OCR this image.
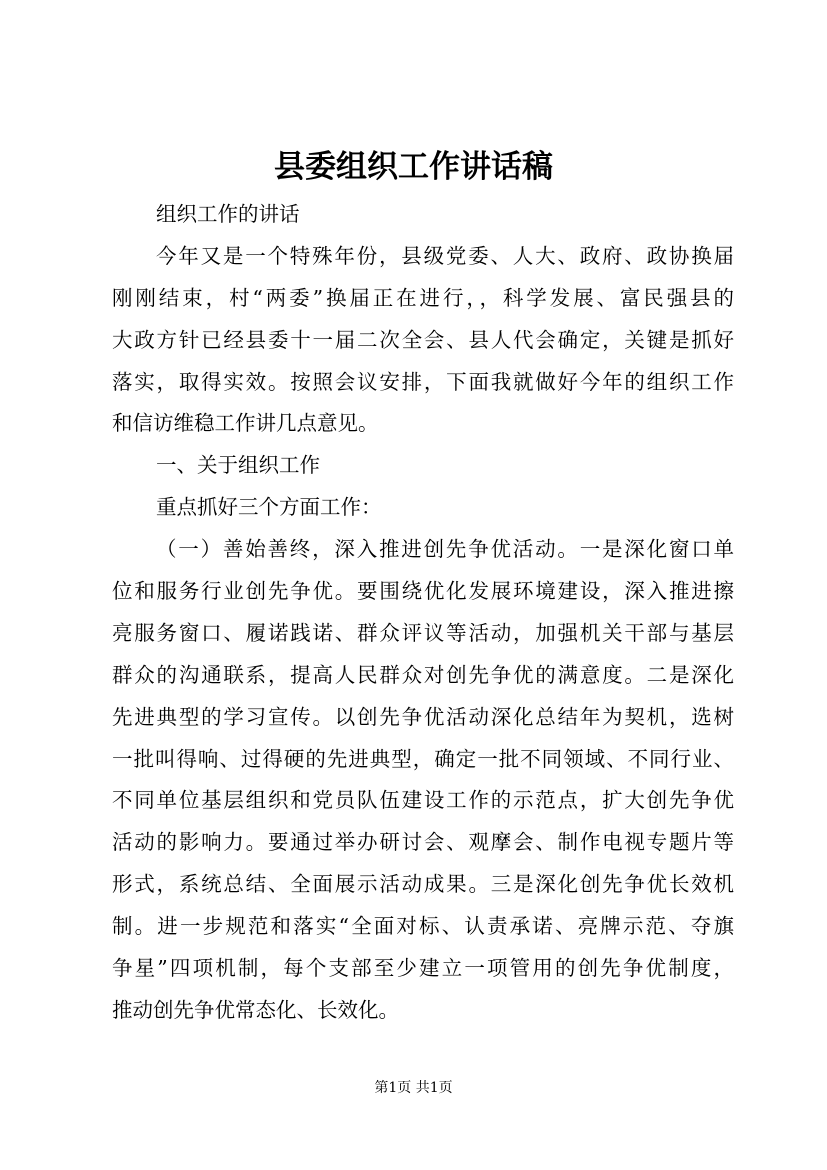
县委组织工作讲话稿
组织工作的讲话
今年又是一个特殊年份，县级党委、人大、政府、政协换届
刚刚结束，村“两委”换届正在进行，，科学发展、富民强县的
大政方针已经县委十一届二次全会、县人代会确定，关键是抓好
落实，取得实效。按照会议安排，下面我就做好今年的组织工作
和信访维稳工作讲几点意见。
一、关于组织工作
重点抓好三个方面工作：
（一）善始善终，深入推进创先争优活动。一是深化窗口单
位和服务行业创先争优。要围绕优化发展环境建设，深入推进擦
亮服务窗口、履诺践诺、群众评议等活动，加强机关干部与基层
群众的沟通联系，提高人民群众对创先争优的满意度。二是深化
先进典型的学习宣传。以创先争优活动深化总结年为契机，选树
一批叫得响、过得硬的先进典型，确定一批不同领域、不同行业、
不同单位基层组织和党员队伍建设工作的示范点，扩大创先争优
活动的影响力。要通过举办研讨会、观摩会、制作电视专题片等
形式，系统总结、全面展示活动成果。三是深化创先争优长效机
制。进一步规范和落实“全面对标、认责承诺、亮牌示范、夺旗
争星”四项机制，每个支部至少建立一项管用的创先争优制度，
推动创先争优常态化、长效化。
第1页 共1页
